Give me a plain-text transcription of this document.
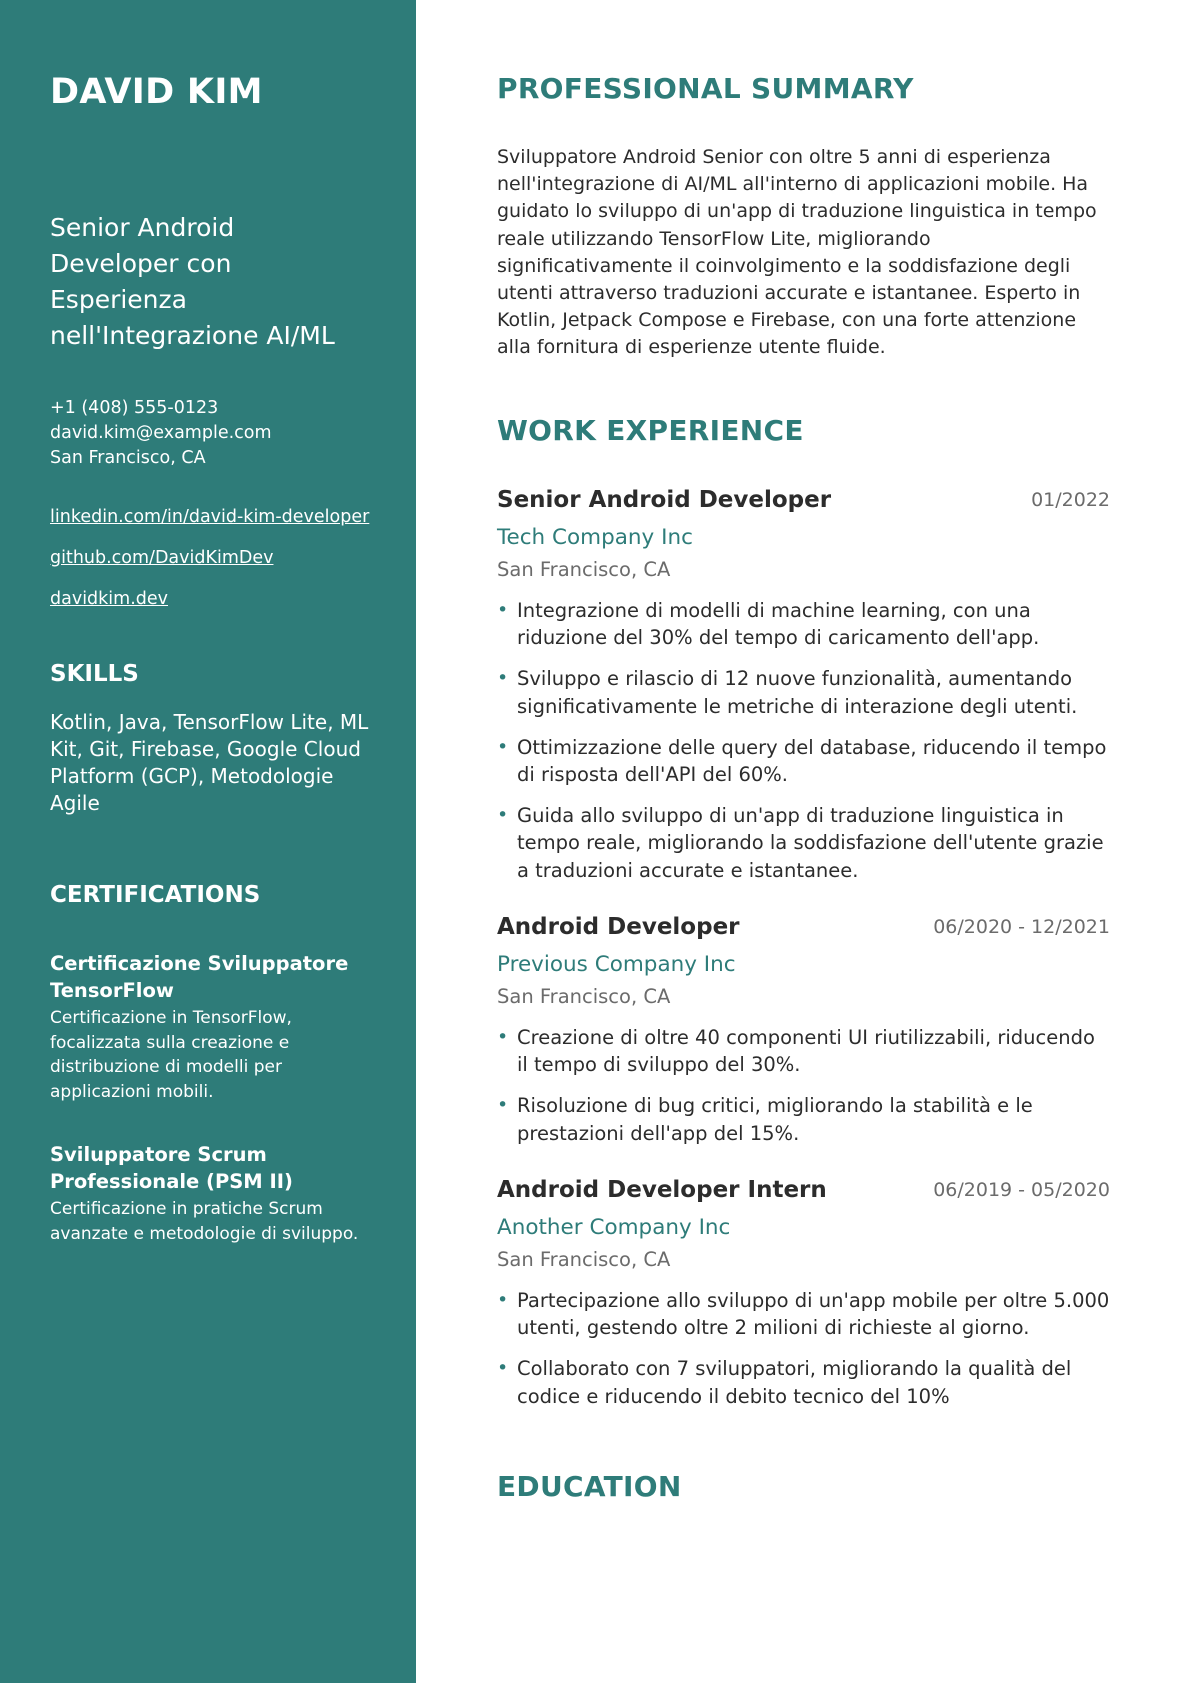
DAVID KIM
Senior Android Developer con Esperienza nell'Integrazione AI/ML
+1 (408) 555-0123
david.kim@example.com
San Francisco, CA
linkedin.com/in/david-kim-developer
github.com/DavidKimDev
davidkim.dev
SKILLS
Kotlin, Java, TensorFlow Lite, ML Kit, Git, Firebase, Google Cloud Platform (GCP), Metodologie Agile
CERTIFICATIONS
Certificazione Sviluppatore TensorFlow
Certificazione in TensorFlow, focalizzata sulla creazione e distribuzione di modelli per applicazioni mobili.
Sviluppatore Scrum Professionale (PSM II)
Certificazione in pratiche Scrum avanzate e metodologie di sviluppo.
PROFESSIONAL SUMMARY
Sviluppatore Android Senior con oltre 5 anni di esperienza nell'integrazione di AI/ML all'interno di applicazioni mobile. Ha guidato lo sviluppo di un'app di traduzione linguistica in tempo reale utilizzando TensorFlow Lite, migliorando significativamente il coinvolgimento e la soddisfazione degli utenti attraverso traduzioni accurate e istantanee. Esperto in Kotlin, Jetpack Compose e Firebase, con una forte attenzione alla fornitura di esperienze utente fluide.
WORK EXPERIENCE
Senior Android Developer	01/2022
Tech Company Inc
San Francisco, CA
• Integrazione di modelli di machine learning, con una riduzione del 30% del tempo di caricamento dell'app.
• Sviluppo e rilascio di 12 nuove funzionalità, aumentando significativamente le metriche di interazione degli utenti.
• Ottimizzazione delle query del database, riducendo il tempo di risposta dell'API del 60%.
• Guida allo sviluppo di un'app di traduzione linguistica in tempo reale, migliorando la soddisfazione dell'utente grazie a traduzioni accurate e istantanee.
Android Developer	06/2020 - 12/2021
Previous Company Inc
San Francisco, CA
• Creazione di oltre 40 componenti UI riutilizzabili, riducendo il tempo di sviluppo del 30%.
• Risoluzione di bug critici, migliorando la stabilità e le prestazioni dell'app del 15%.
Android Developer Intern	06/2019 - 05/2020
Another Company Inc
San Francisco, CA
• Partecipazione allo sviluppo di un'app mobile per oltre 5.000 utenti, gestendo oltre 2 milioni di richieste al giorno.
• Collaborato con 7 sviluppatori, migliorando la qualità del codice e riducendo il debito tecnico del 10%
EDUCATION
